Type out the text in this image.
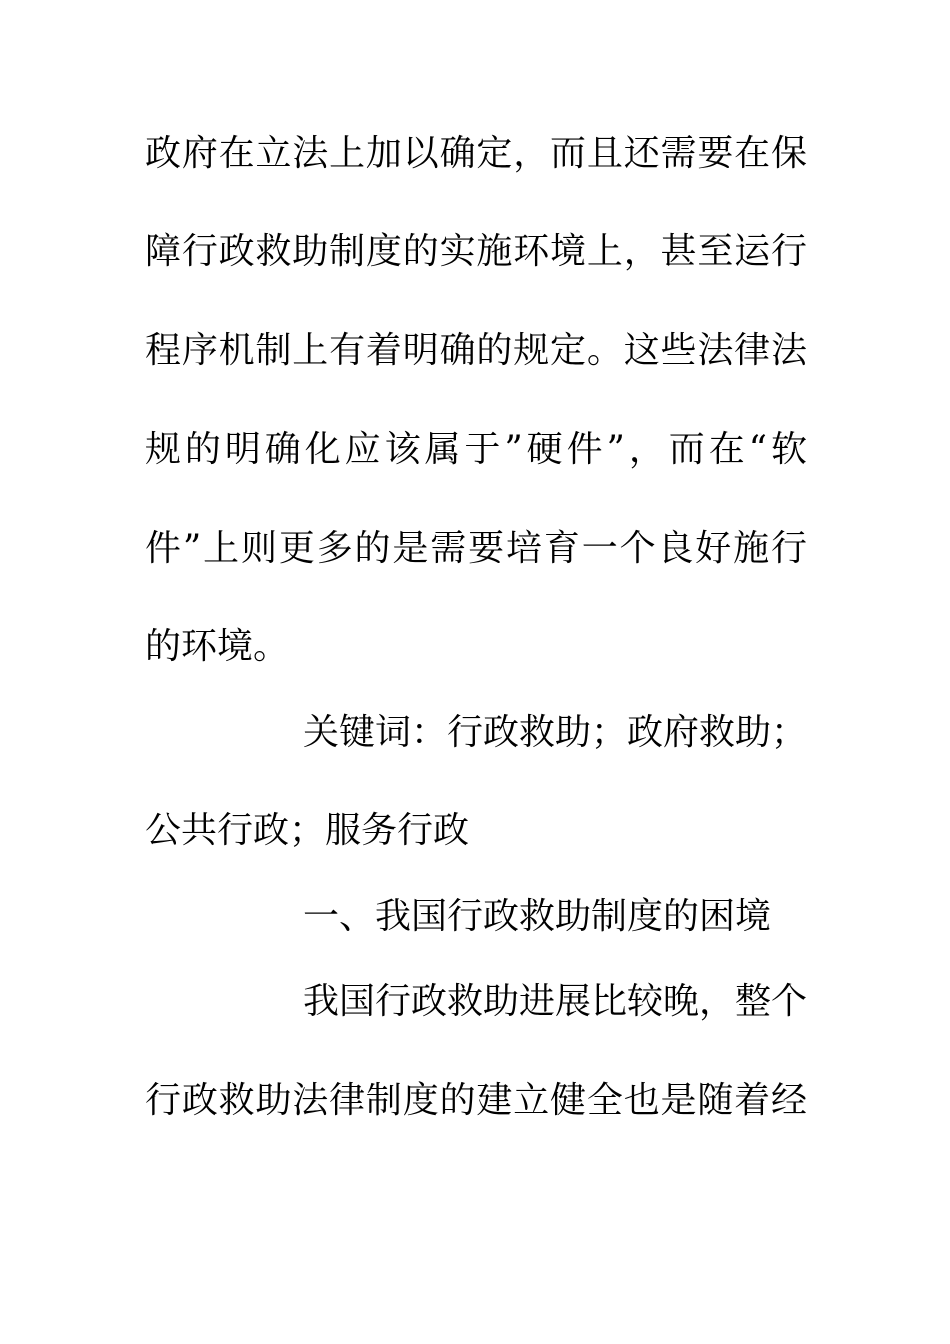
政府在立法上加以确定，而且还需要在保
障行政救助制度的实施环境上，甚至运行
程序机制上有着明确的规定。这些法律法
规的明确化应该属于”硬件”，而在“软
件”上则更多的是需要培育一个良好施行
的环境。
关键词：行政救助；政府救助；
公共行政；服务行政
一、我国行政救助制度的困境
我国行政救助进展比较晚，整个
行政救助法律制度的建立健全也是随着经
